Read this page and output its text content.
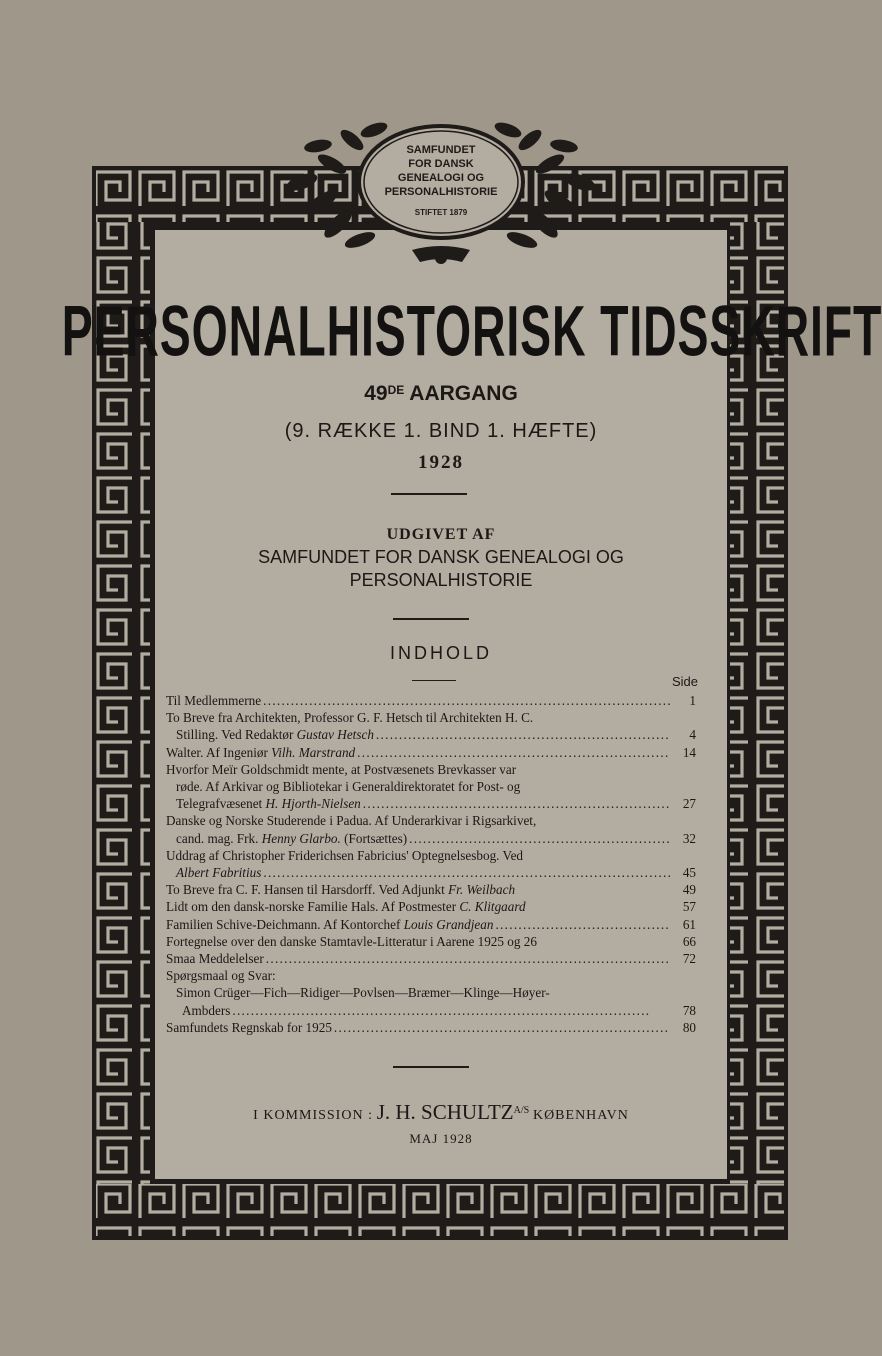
SAMFUNDET
FOR DANSK
GENEALOGI OG
PERSONALHISTORIE
STIFTET 1879
PERSONALHISTORISK TIDSSKRIFT
49DE AARGANG
(9. RÆKKE 1. BIND 1. HÆFTE)
1928
UDGIVET AF
SAMFUNDET FOR DANSK GENEALOGI OG
PERSONALHISTORIE
INDHOLD
Side
Til Medlemmerne . . .	1
To Breve fra Architekten, Professor G. F. Hetsch til Architekten H. C.
Stilling. Ved Redaktør Gustav Hetsch . . .	4
Walter. Af Ingeniør Vilh. Marstrand . . .	14
Hvorfor Meïr Goldschmidt mente, at Postvæsenets Brevkasser var
røde. Af Arkivar og Bibliotekar i Generaldirektoratet for Post- og
Telegrafvæsenet H. Hjorth-Nielsen . . .	27
Danske og Norske Studerende i Padua. Af Underarkivar i Rigsarkivet,
cand. mag. Frk. Henny Glarbo. (Fortsættes) . . .	32
Uddrag af Christopher Friderichsen Fabricius' Optegnelsesbog. Ved
Albert Fabritius . . .	45
To Breve fra C. F. Hansen til Harsdorff. Ved Adjunkt Fr. Weilbach	49
Lidt om den dansk-norske Familie Hals. Af Postmester C. Klitgaard	57
Familien Schive-Deichmann. Af Kontorchef Louis Grandjean . . .	61
Fortegnelse over den danske Stamtavle-Litteratur i Aarene 1925 og 26	66
Smaa Meddelelser . . .	72
Spørgsmaal og Svar:
Simon Crüger—Fich—Ridiger—Povlsen—Bræmer—Klinge—Høyer-
Ambders . . .	78
Samfundets Regnskab for 1925 . . .	80
I KOMMISSION : J. H. $SCHULTZ^{A/S}$ KØBENHAVN
MAJ 1928
